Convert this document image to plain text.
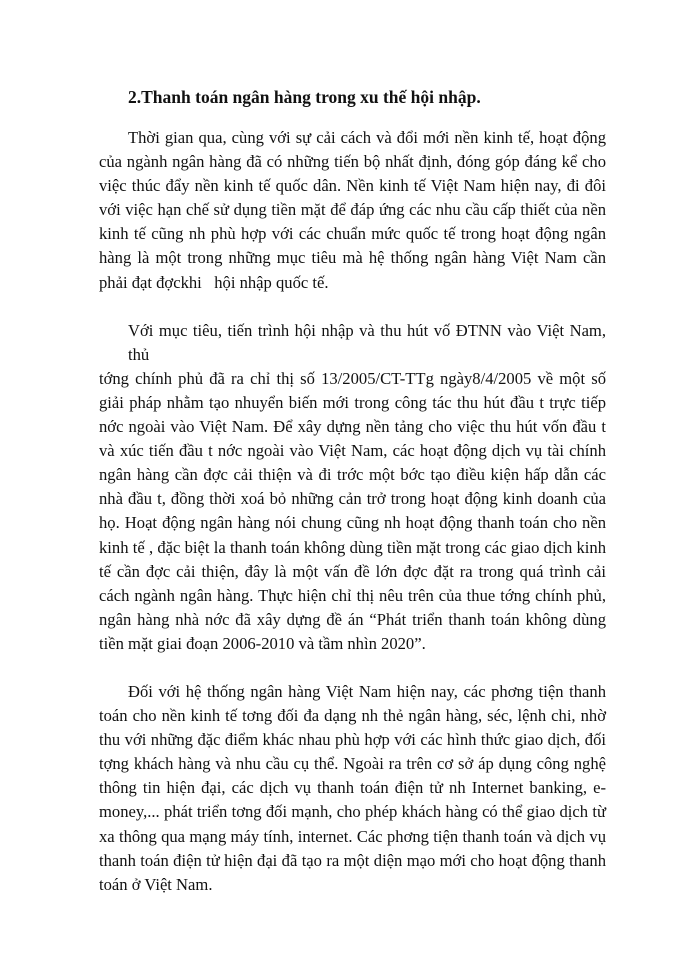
2.Thanh toán ngân hàng trong xu thế hội nhập.
Thời gian qua, cùng với sự cải cách và đổi mới nền kinh tế, hoạt động
của ngành ngân hàng đã có những tiến bộ nhất định, đóng góp đáng kể cho
việc thúc đẩy nền kinh tế quốc dân. Nền kinh tế Việt Nam hiện nay, đi đôi
với việc hạn chế sử dụng tiền mặt để đáp ứng các nhu cầu cấp thiết của nền
kinh tế cũng nh phù hợp với các chuẩn mức quốc tế trong hoạt động ngân
hàng là một trong những mục tiêu mà hệ thống ngân hàng Việt Nam cần
phải đạt đợckhi   hội nhập quốc tế.
Với mục tiêu, tiến trình hội nhập và thu hút vố ĐTNN vào Việt Nam, thủ
tớng chính phủ đã ra chỉ thị số 13/2005/CT-TTg ngày8/4/2005 về một số
giải pháp nhằm tạo nhuyển biến mới trong công tác thu hút đầu t trực tiếp
nớc ngoài vào Việt Nam. Để xây dựng nền tảng cho việc thu hút vốn đầu t
và xúc tiến đầu t nớc ngoài vào Việt Nam, các hoạt động dịch vụ tài chính
ngân hàng cần đợc cải thiện và đi trớc một bớc tạo điều kiện hấp dẫn các
nhà đầu t, đồng thời xoá bỏ những cản trở trong hoạt động kinh doanh của
họ. Hoạt động ngân hàng nói chung cũng nh hoạt động thanh toán cho nền
kinh tế , đặc biệt la thanh toán không dùng tiền mặt trong các giao dịch kinh
tế cần đợc cải thiện, đây là một vấn đề lớn đợc đặt ra trong quá trình cải
cách ngành ngân hàng. Thực hiện chỉ thị nêu trên của thue tớng chính phủ,
ngân hàng nhà nớc đã xây dựng đề án “Phát triển thanh toán không dùng
tiền mặt giai đoạn 2006-2010 và tầm nhìn 2020”.
Đối với hệ thống ngân hàng Việt Nam hiện nay, các phơng tiện thanh
toán cho nền kinh tế tơng đối đa dạng nh thẻ ngân hàng, séc, lệnh chi, nhờ
thu với những đặc điểm khác nhau phù hợp với các hình thức giao dịch, đối
tợng khách hàng và nhu cầu cụ thể. Ngoài ra trên cơ sở áp dụng công nghệ
thông tin hiện đại, các dịch vụ thanh toán điện tử nh Internet banking, e-
money,... phát triển tơng đối mạnh, cho phép khách hàng có thể giao dịch từ
xa thông qua mạng máy tính, internet. Các phơng tiện thanh toán và dịch vụ
thanh toán điện tử hiện đại đã tạo ra một diện mạo mới cho hoạt động thanh
toán ở Việt Nam.
